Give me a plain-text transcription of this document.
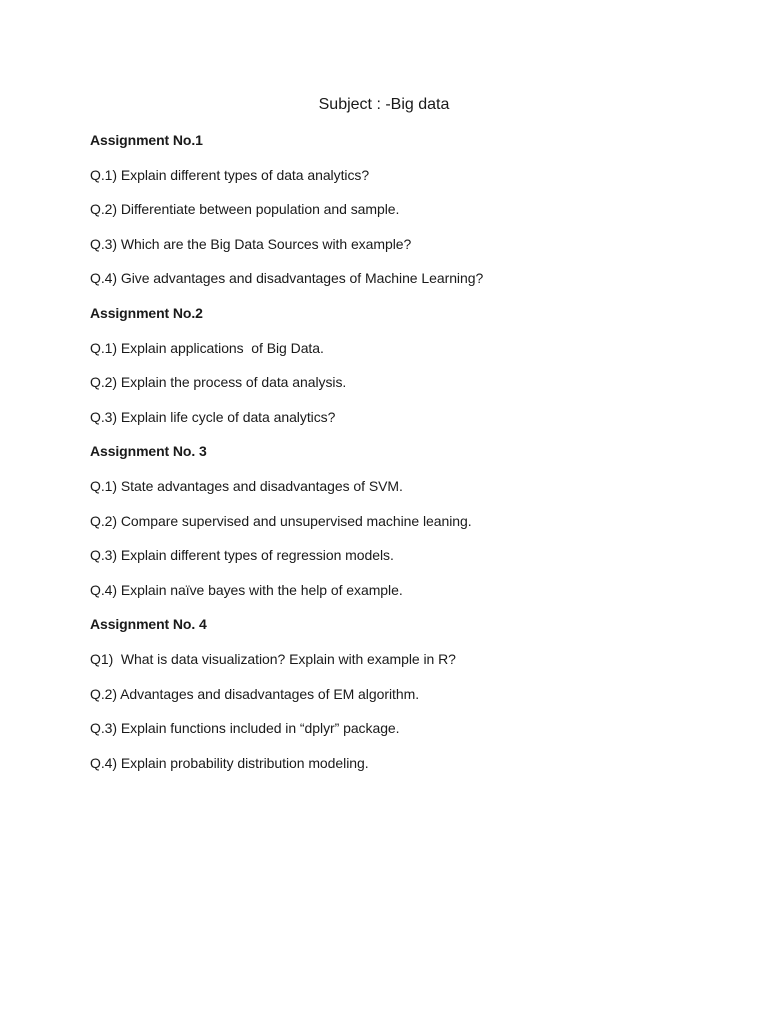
Subject : -Big data
Assignment No.1
Q.1) Explain different types of data analytics?
Q.2) Differentiate between population and sample.
Q.3) Which are the Big Data Sources with example?
Q.4) Give advantages and disadvantages of Machine Learning?
Assignment No.2
Q.1) Explain applications  of Big Data.
Q.2) Explain the process of data analysis.
Q.3) Explain life cycle of data analytics?
Assignment No. 3
Q.1) State advantages and disadvantages of SVM.
Q.2) Compare supervised and unsupervised machine leaning.
Q.3) Explain different types of regression models.
Q.4) Explain naïve bayes with the help of example.
Assignment No. 4
Q1)  What is data visualization? Explain with example in R?
Q.2) Advantages and disadvantages of EM algorithm.
Q.3) Explain functions included in “dplyr” package.
Q.4) Explain probability distribution modeling.
